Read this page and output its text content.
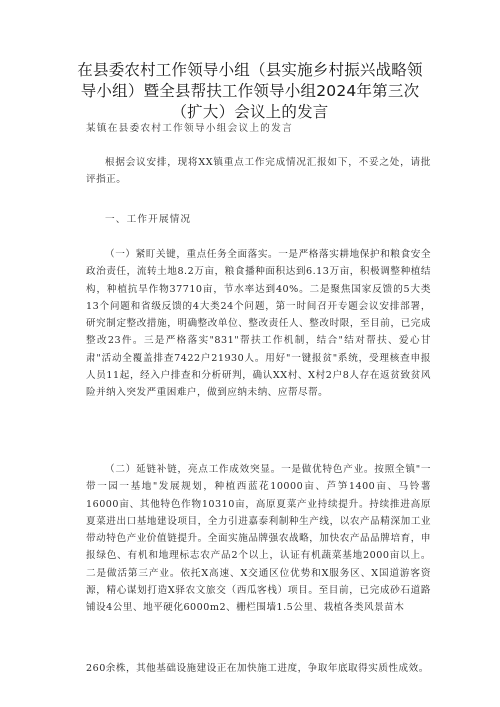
在县委农村工作领导小组（县实施乡村振兴战略领导小组）暨全县帮扶工作领导小组2024年第三次（扩大）会议上的发言
某镇在县委农村工作领导小组会议上的发言
根据会议安排，现将XX镇重点工作完成情况汇报如下，不妥之处，请批评指正。
一、工作开展情况
（一）紧盯关键，重点任务全面落实。一是严格落实耕地保护和粮食安全政治责任，流转土地8.2万亩，粮食播种面积达到6.13万亩，积极调整种植结构，种植抗旱作物37710亩，节水率达到40%。二是聚焦国家反馈的5大类13个问题和省级反馈的4大类24个问题，第一时间召开专题会议安排部署，研究制定整改措施，明确整改单位、整改责任人、整改时限，至目前，已完成整改23件。三是严格落实"831"帮扶工作机制，结合"结对帮扶、爱心甘肃"活动全覆盖排查7422户21930人。用好"一键报贫"系统，受理核查申报人员11起，经入户排查和分析研判，确认XX村、X村2户8人存在返贫致贫风险并纳入突发严重困难户，做到应纳未纳、应帮尽帮。
（二）延链补链，亮点工作成效突显。一是做优特色产业。按照全镇"一带一园一基地"发展规划，种植西蓝花10000亩、芦笋1400亩、马铃薯16000亩、其他特色作物10310亩，高原夏菜产业持续提升。持续推进高原夏菜进出口基地建设项目，全力引进嘉泰利制种生产线，以农产品精深加工业带动特色产业价值链提升。全面实施品牌强农战略，加快农产品品牌培育，申报绿色、有机和地理标志农产品2个以上，认证有机蔬菜基地2000亩以上。二是做活第三产业。依托X高速、X交通区位优势和X服务区、X国道游客资源，精心谋划打造X驿农文旅交（西瓜客栈）项目。至目前，已完成砂石道路铺设4公里、地平硬化6000m2、栅栏围墙1.5公里、栽植各类风景苗木
260余株，其他基础设施建设正在加快施工进度，争取年底取得实质性成效。
